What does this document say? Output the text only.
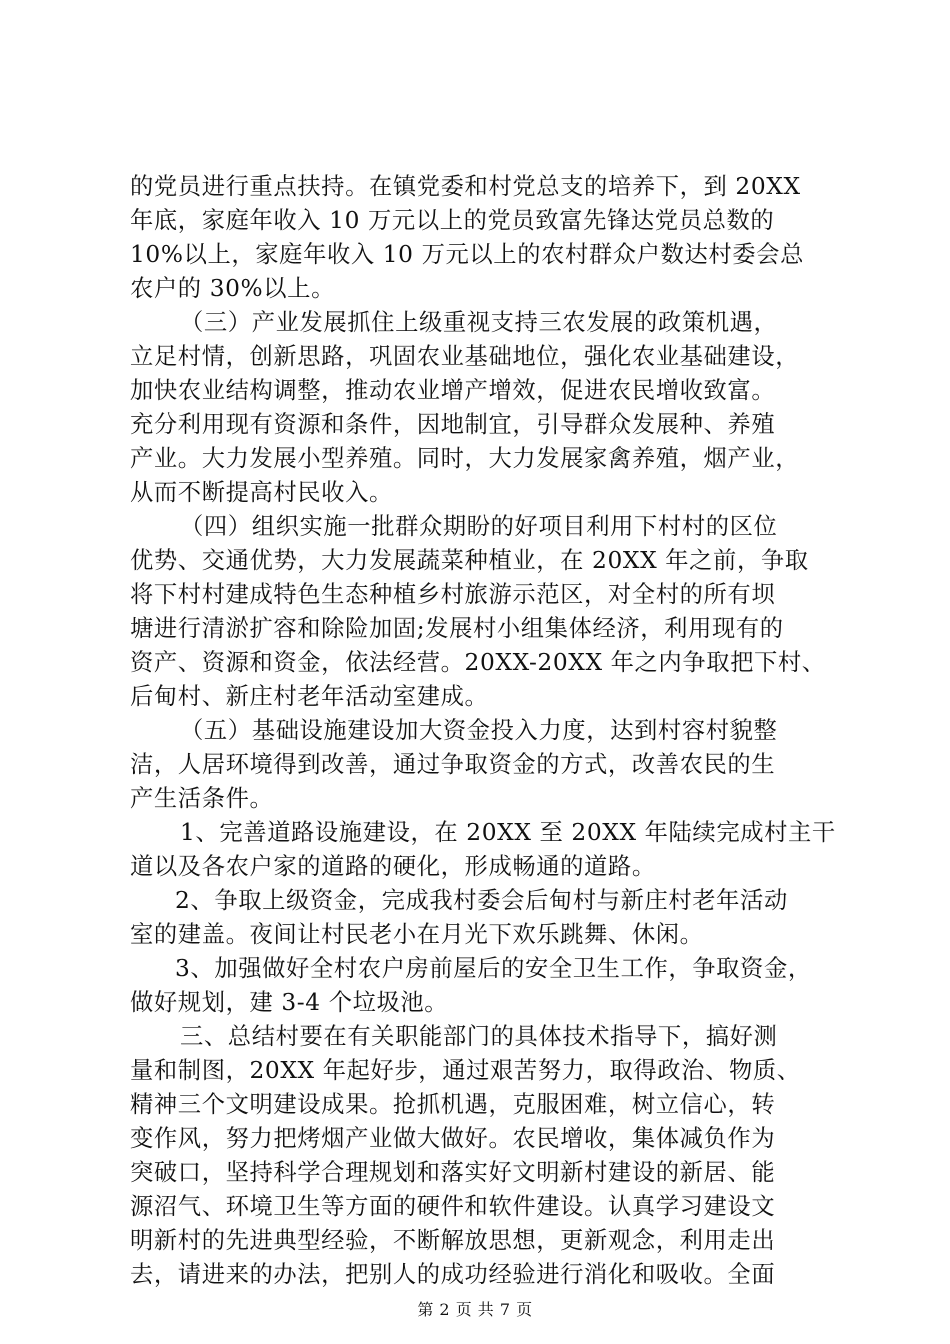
的党员进行重点扶持。在镇党委和村党总支的培养下，到 20XX
年底，家庭年收入 10 万元以上的党员致富先锋达党员总数的
10%以上，家庭年收入 10 万元以上的农村群众户数达村委会总
农户的 30%以上。
（三）产业发展抓住上级重视支持三农发展的政策机遇，
立足村情，创新思路，巩固农业基础地位，强化农业基础建设，
加快农业结构调整，推动农业增产增效，促进农民增收致富。
充分利用现有资源和条件，因地制宜，引导群众发展种、养殖
产业。大力发展小型养殖。同时，大力发展家禽养殖，烟产业，
从而不断提高村民收入。
（四）组织实施一批群众期盼的好项目利用下村村的区位
优势、交通优势，大力发展蔬菜种植业，在 20XX 年之前，争取
将下村村建成特色生态种植乡村旅游示范区，对全村的所有坝
塘进行清淤扩容和除险加固;发展村小组集体经济，利用现有的
资产、资源和资金，依法经营。20XX-20XX 年之内争取把下村、
后甸村、新庄村老年活动室建成。
（五）基础设施建设加大资金投入力度，达到村容村貌整
洁，人居环境得到改善，通过争取资金的方式，改善农民的生
产生活条件。
1、完善道路设施建设，在 20XX 至 20XX 年陆续完成村主干
道以及各农户家的道路的硬化，形成畅通的道路。
2、争取上级资金，完成我村委会后甸村与新庄村老年活动
室的建盖。夜间让村民老小在月光下欢乐跳舞、休闲。
3、加强做好全村农户房前屋后的安全卫生工作，争取资金，
做好规划，建 3-4 个垃圾池。
三、总结村要在有关职能部门的具体技术指导下，搞好测
量和制图，20XX 年起好步，通过艰苦努力，取得政治、物质、
精神三个文明建设成果。抢抓机遇，克服困难，树立信心，转
变作风，努力把烤烟产业做大做好。农民增收，集体减负作为
突破口，坚持科学合理规划和落实好文明新村建设的新居、能
源沼气、环境卫生等方面的硬件和软件建设。认真学习建设文
明新村的先进典型经验，不断解放思想，更新观念，利用走出
去，请进来的办法，把别人的成功经验进行消化和吸收。全面
第 2 页 共 7 页
